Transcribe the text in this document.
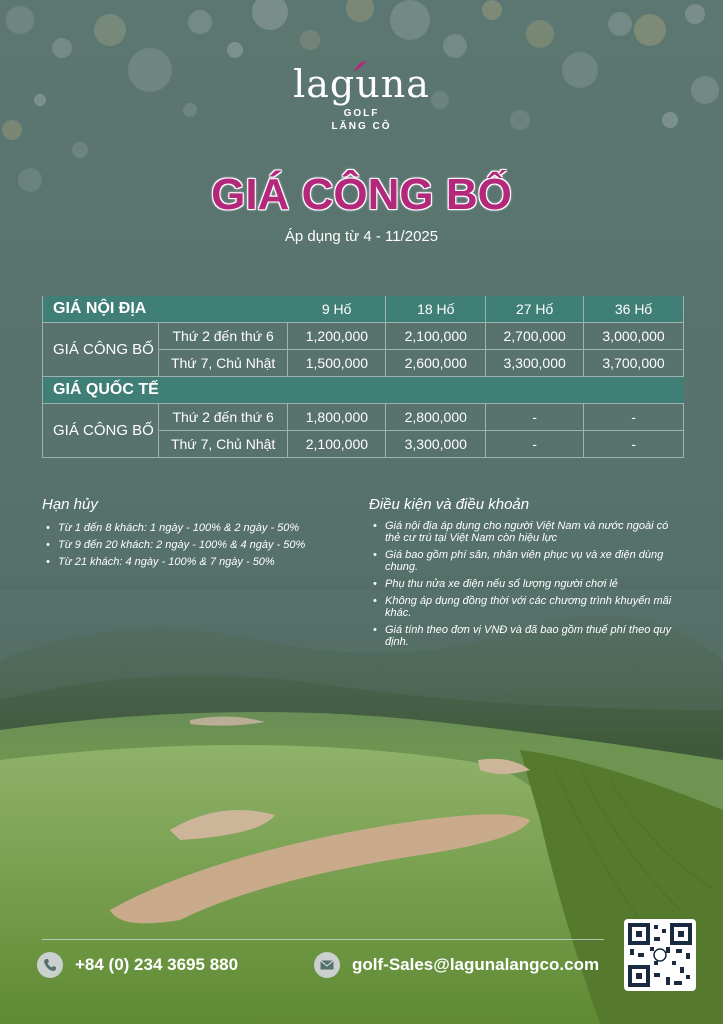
laguna
GOLF
LĂNG CÔ
GIÁ CÔNG BỐ
Áp dụng từ 4 - 11/2025
GIÁ NỘI ĐỊA		9 Hố	18 Hố	27 Hố	36 Hố
GIÁ CÔNG BỐ	Thứ 2 đến thứ 6	1,200,000	2,100,000	2,700,000	3,000,000
	Thứ 7, Chủ Nhật	1,500,000	2,600,000	3,300,000	3,700,000
GIÁ QUỐC TẾ					
GIÁ CÔNG BỐ	Thứ 2 đến thứ 6	1,800,000	2,800,000	-	-
	Thứ 7, Chủ Nhật	2,100,000	3,300,000	-	-
Hạn hủy
• Từ 1 đến 8 khách: 1 ngày - 100% & 2 ngày - 50%
• Từ 9 đến 20 khách: 2 ngày - 100% & 4 ngày - 50%
• Từ 21 khách: 4 ngày - 100% & 7 ngày - 50%
Điều kiện và điều khoản
• Giá nội địa áp dụng cho người Việt Nam và nước ngoài có thẻ cư trú tại Việt Nam còn hiệu lực
• Giá bao gồm phí sân, nhân viên phục vụ và xe điện dùng chung.
• Phụ thu nửa xe điện nếu số lượng người chơi lẻ
• Không áp dụng đồng thời với các chương trình khuyến mãi khác.
• Giá tính theo đơn vị VNĐ và đã bao gồm thuế phí theo quy định.
+84 (0) 234 3695 880	golf-Sales@lagunalangco.com
